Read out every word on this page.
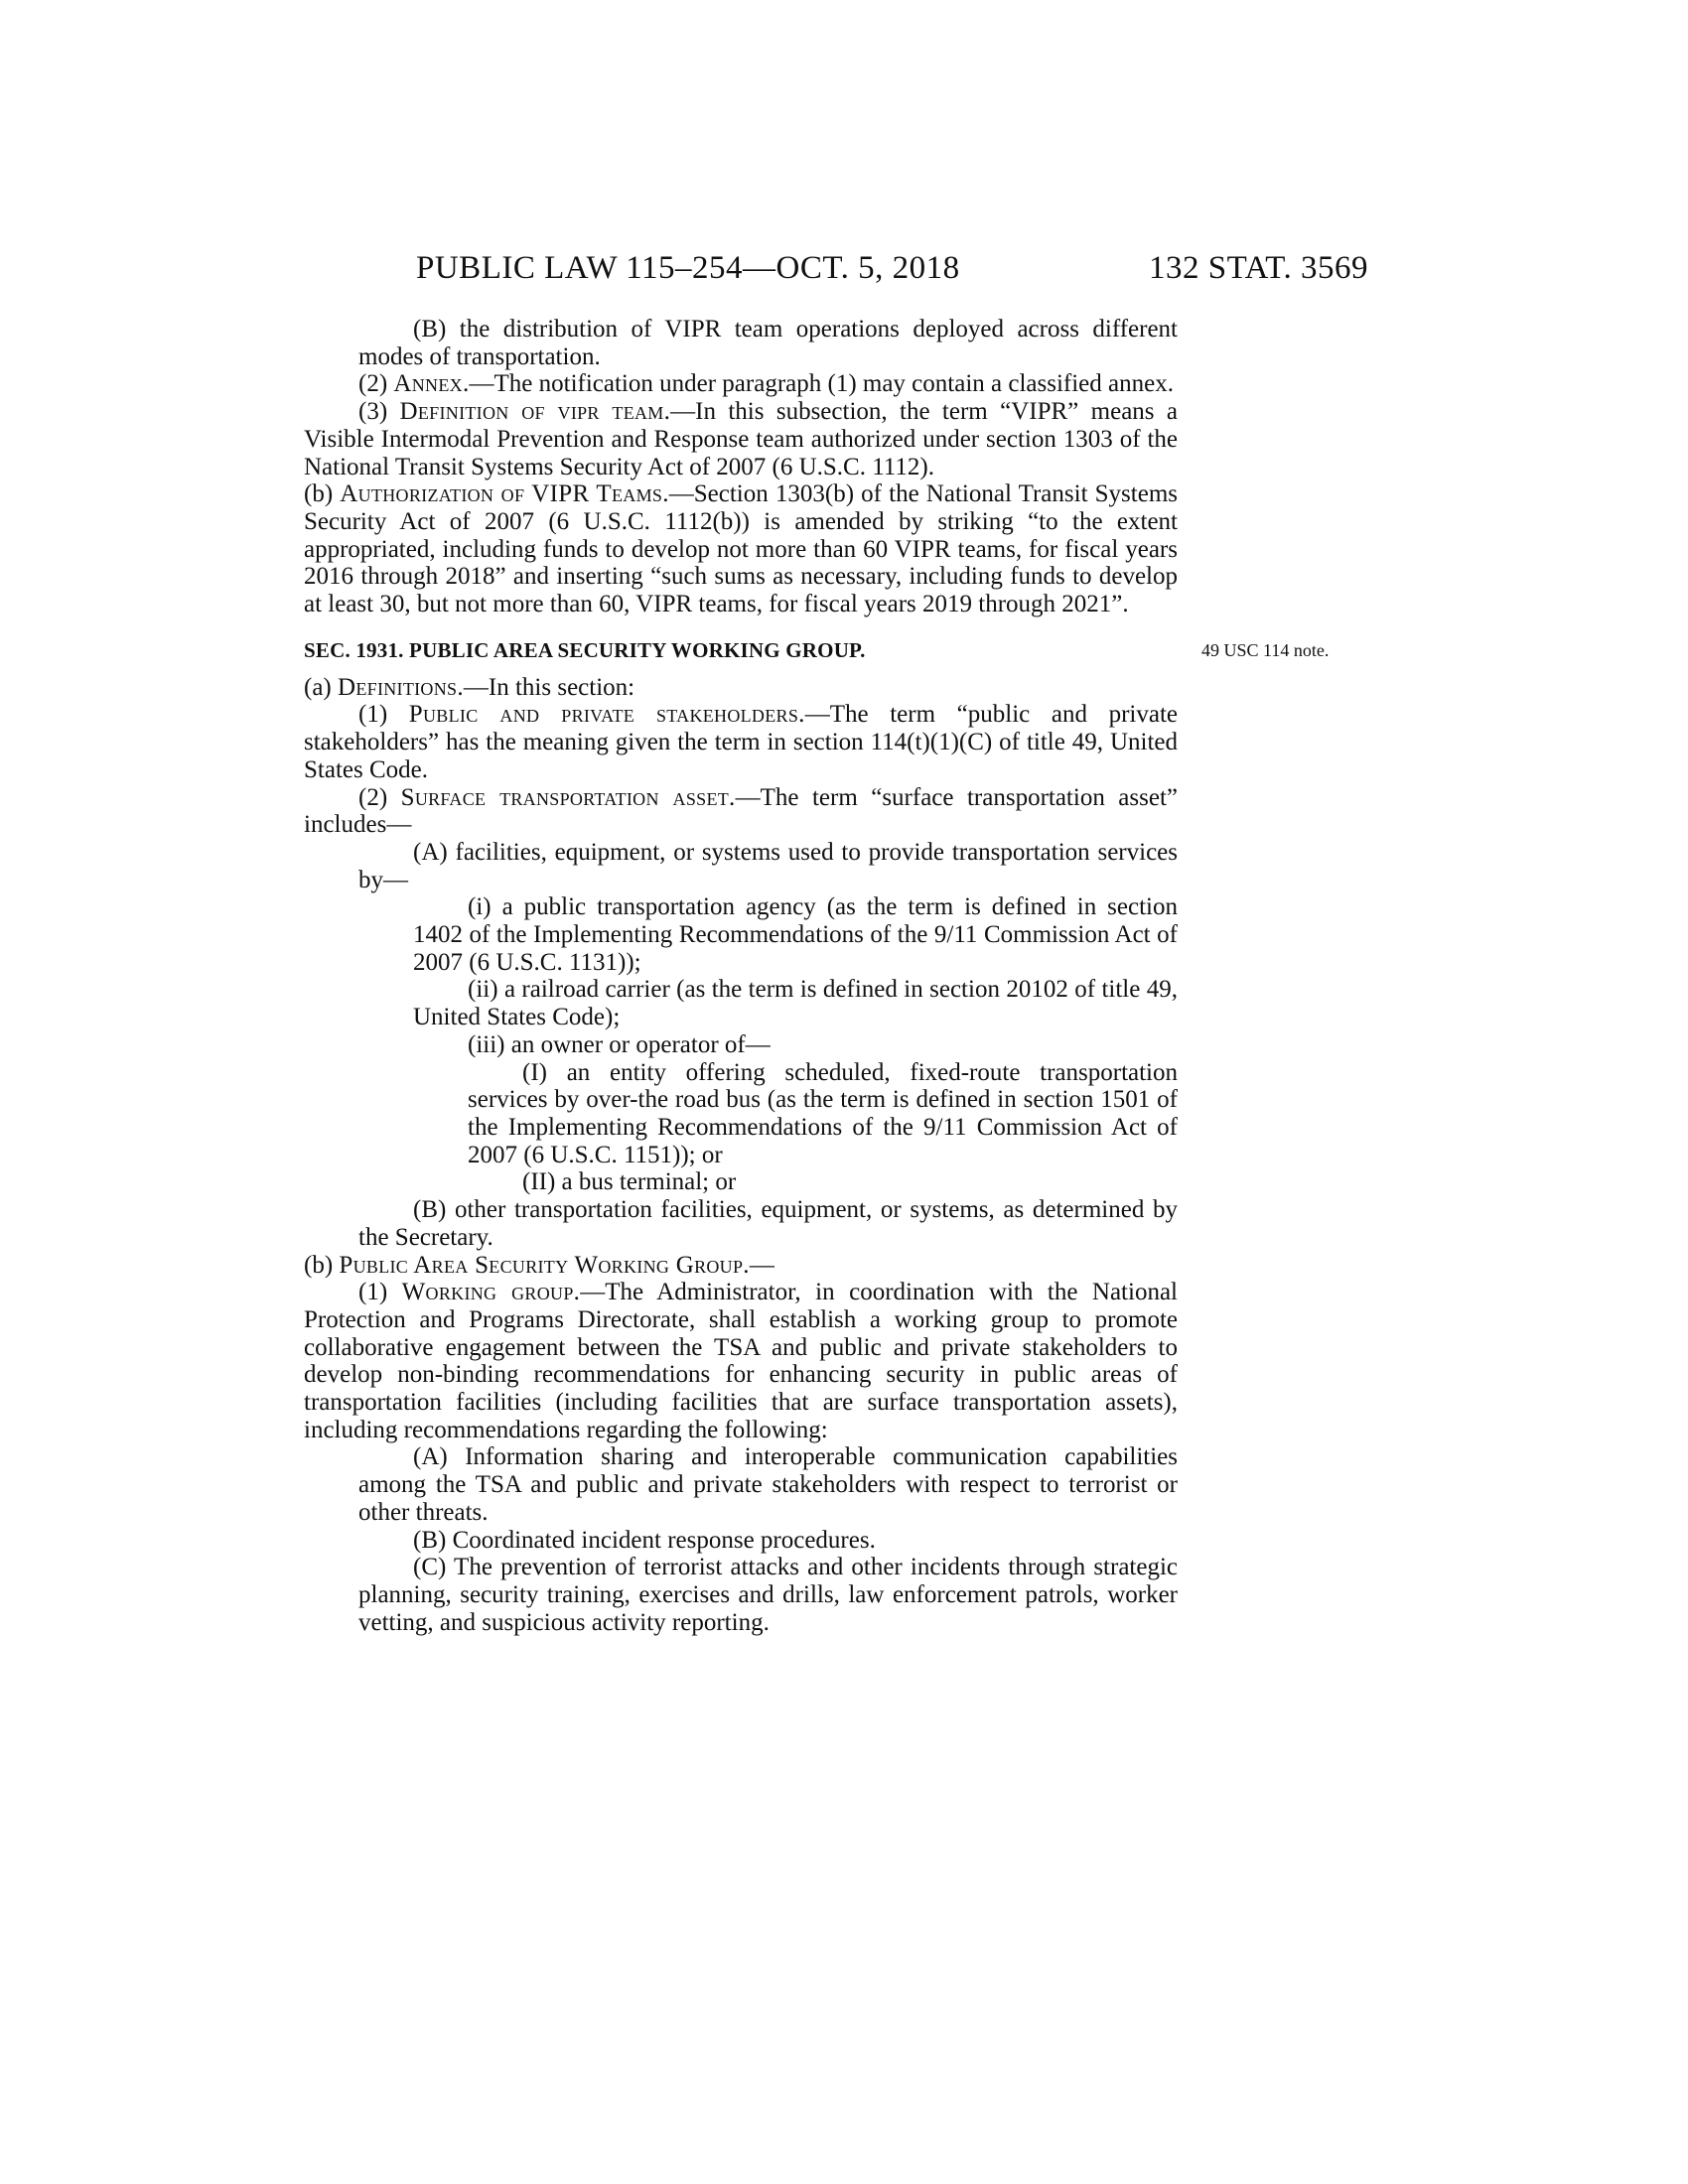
PUBLIC LAW 115–254—OCT. 5, 2018	132 STAT. 3569

(B) the distribution of VIPR team operations deployed across different modes of transportation.

(2) Annex.—The notification under paragraph (1) may contain a classified annex.

(3) Definition of vipr team.—In this subsection, the term “VIPR” means a Visible Intermodal Prevention and Response team authorized under section 1303 of the National Transit Systems Security Act of 2007 (6 U.S.C. 1112).

(b) Authorization of VIPR Teams.—Section 1303(b) of the National Transit Systems Security Act of 2007 (6 U.S.C. 1112(b)) is amended by striking “to the extent appropriated, including funds to develop not more than 60 VIPR teams, for fiscal years 2016 through 2018” and inserting “such sums as necessary, including funds to develop at least 30, but not more than 60, VIPR teams, for fiscal years 2019 through 2021”.

SEC. 1931. PUBLIC AREA SECURITY WORKING GROUP.	49 USC 114 note.

(a) Definitions.—In this section:

(1) Public and private stakeholders.—The term “public and private stakeholders” has the meaning given the term in section 114(t)(1)(C) of title 49, United States Code.

(2) Surface transportation asset.—The term “surface transportation asset” includes—

(A) facilities, equipment, or systems used to provide transportation services by—

(i) a public transportation agency (as the term is defined in section 1402 of the Implementing Recommendations of the 9/11 Commission Act of 2007 (6 U.S.C. 1131));

(ii) a railroad carrier (as the term is defined in section 20102 of title 49, United States Code);

(iii) an owner or operator of—

(I) an entity offering scheduled, fixed-route transportation services by over-the road bus (as the term is defined in section 1501 of the Implementing Recommendations of the 9/11 Commission Act of 2007 (6 U.S.C. 1151)); or

(II) a bus terminal; or

(B) other transportation facilities, equipment, or systems, as determined by the Secretary.

(b) Public Area Security Working Group.—

(1) Working group.—The Administrator, in coordination with the National Protection and Programs Directorate, shall establish a working group to promote collaborative engagement between the TSA and public and private stakeholders to develop non-binding recommendations for enhancing security in public areas of transportation facilities (including facilities that are surface transportation assets), including recommendations regarding the following:

(A) Information sharing and interoperable communication capabilities among the TSA and public and private stakeholders with respect to terrorist or other threats.

(B) Coordinated incident response procedures.

(C) The prevention of terrorist attacks and other incidents through strategic planning, security training, exercises and drills, law enforcement patrols, worker vetting, and suspicious activity reporting.
